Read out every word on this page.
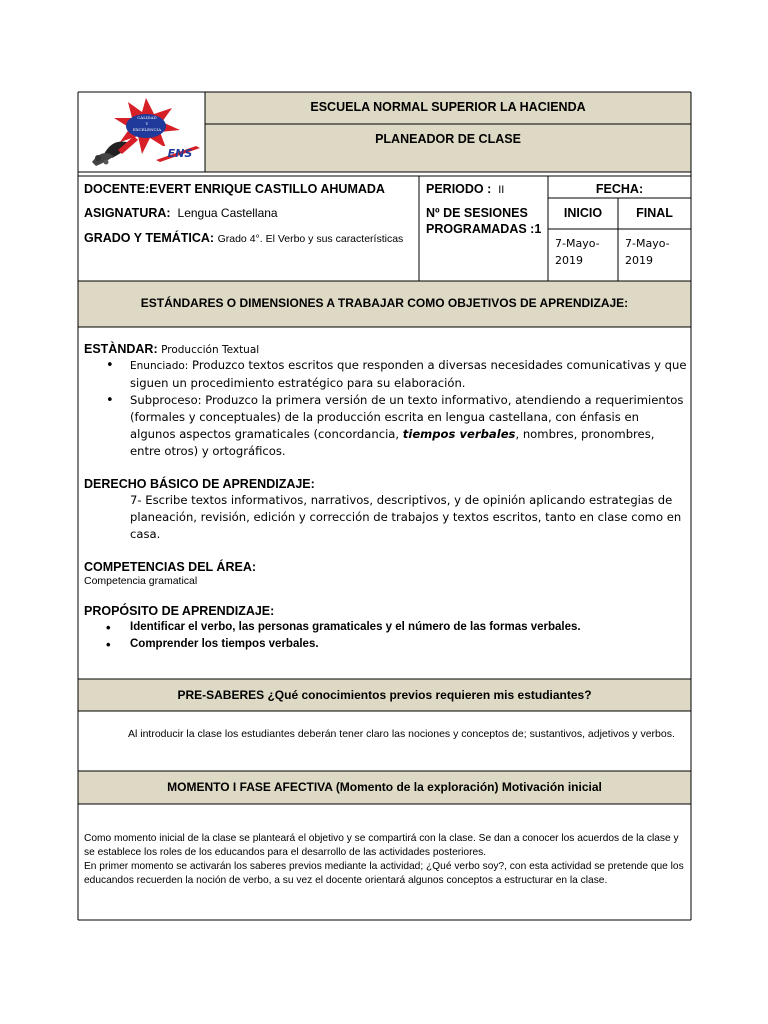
CALIDAD
Y
EXCELENCIA
ENS
ESCUELA NORMAL SUPERIOR LA HACIENDA
PLANEADOR DE CLASE
DOCENTE:EVERT ENRIQUE CASTILLO AHUMADA
ASIGNATURA: Lengua Castellana
GRADO Y TEMÁTICA: Grado 4°. El Verbo y sus características
PERIODO : II
Nº DE SESIONES
PROGRAMADAS :1
FECHA:
INICIO	FINAL
7-Mayo-
2019
7-Mayo-
2019
ESTÁNDARES O DIMENSIONES A TRABAJAR COMO OBJETIVOS DE APRENDIZAJE:
ESTÀNDAR: Producción Textual
• Enunciado: Produzco textos escritos que responden a diversas necesidades comunicativas y que siguen un procedimiento estratégico para su elaboración.
• Subproceso: Produzco la primera versión de un texto informativo, atendiendo a requerimientos (formales y conceptuales) de la producción escrita en lengua castellana, con énfasis en algunos aspectos gramaticales (concordancia, tiempos verbales, nombres, pronombres, entre otros) y ortográficos.
DERECHO BÁSICO DE APRENDIZAJE:
7- Escribe textos informativos, narrativos, descriptivos, y de opinión aplicando estrategias de planeación, revisión, edición y corrección de trabajos y textos escritos, tanto en clase como en casa.
COMPETENCIAS DEL ÁREA:
Competencia gramatical
PROPÓSITO DE APRENDIZAJE:
• Identificar el verbo, las personas gramaticales y el número de las formas verbales.
• Comprender los tiempos verbales.
PRE-SABERES ¿Qué conocimientos previos requieren mis estudiantes?
Al introducir la clase los estudiantes deberán tener claro las nociones y conceptos de; sustantivos, adjetivos y verbos.
MOMENTO I FASE AFECTIVA (Momento de la exploración) Motivación inicial
Como momento inicial de la clase se planteará el objetivo y se compartirá con la clase. Se dan a conocer los acuerdos de la clase y se establece los roles de los educandos para el desarrollo de las actividades posteriores.
En primer momento se activarán los saberes previos mediante la actividad; ¿Qué verbo soy?, con esta actividad se pretende que los educandos recuerden la noción de verbo, a su vez el docente orientará algunos conceptos a estructurar en la clase.
